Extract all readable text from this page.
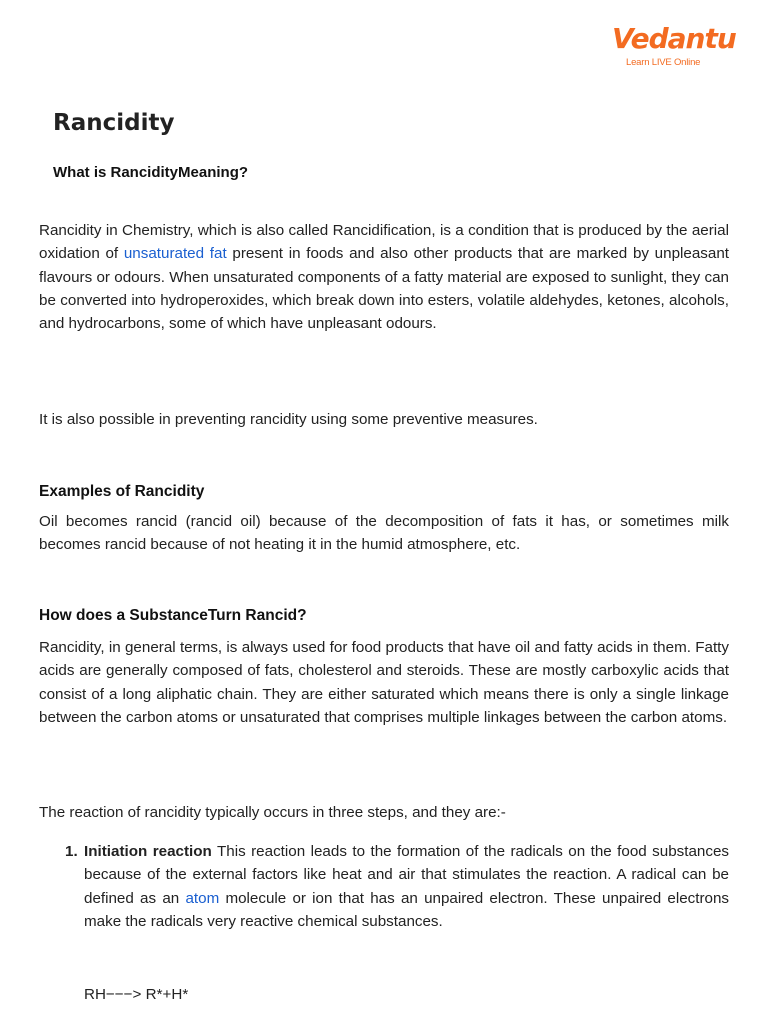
Vedantu
Learn LIVE Online
Rancidity
What is RancidityMeaning?

Rancidity in Chemistry, which is also called Rancidification, is a condition that is produced by the aerial oxidation of unsaturated fat present in foods and also other products that are marked by unpleasant flavours or odours. When unsaturated components of a fatty material are exposed to sunlight, they can be converted into hydroperoxides, which break down into esters, volatile aldehydes, ketones, alcohols, and hydrocarbons, some of which have unpleasant odours.

It is also possible in preventing rancidity using some preventive measures.

Examples of Rancidity

Oil becomes rancid (rancid oil) because of the decomposition of fats it has, or sometimes milk becomes rancid because of not heating it in the humid atmosphere, etc.

How does a SubstanceTurn Rancid?

Rancidity, in general terms, is always used for food products that have oil and fatty acids in them. Fatty acids are generally composed of fats, cholesterol and steroids. These are mostly carboxylic acids that consist of a long aliphatic chain. They are either saturated which means there is only a single linkage between the carbon atoms or unsaturated that comprises multiple linkages between the carbon atoms.

The reaction of rancidity typically occurs in three steps, and they are:-

1. Initiation reaction This reaction leads to the formation of the radicals on the food substances because of the external factors like heat and air that stimulates the reaction. A radical can be defined as an atom molecule or ion that has an unpaired electron. These unpaired electrons make the radicals very reactive chemical substances.

RH−−−> R*+H*
